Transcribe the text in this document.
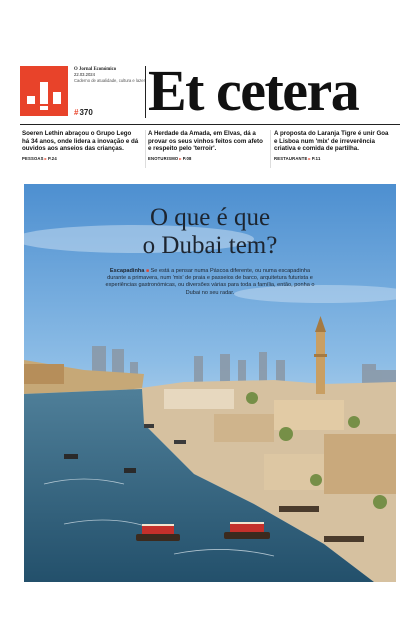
O Jornal Económico
22.03.2024
Caderno de atualidade, cultura e lazer
#370 Et cetera
Soeren Lethin abraçou o Grupo Lego há 34 anos, onde lidera a inovação e dá ouvidos aos anseios das crianças.
PESSOAS▸P.24
A Herdade da Amada, em Elvas, dá a provar os seus vinhos feitos com afeto e respeito pelo 'terroir'.
ENOTURISMO▸P.08
A proposta do Laranja Tigre é unir Goa e Lisboa num 'mix' de irreverência criativa e comida de partilha.
RESTAURANTE▸P.11
O que é que
o Dubai tem?
Escapadinha ■ Se está a pensar numa Páscoa diferente, ou numa escapadinha durante a primavera, num 'mix' de praia e passeios de barco, arquitetura futurista e experiências gastronómicas, ou diversões várias para toda a família, então, ponha o Dubai no seu radar.
